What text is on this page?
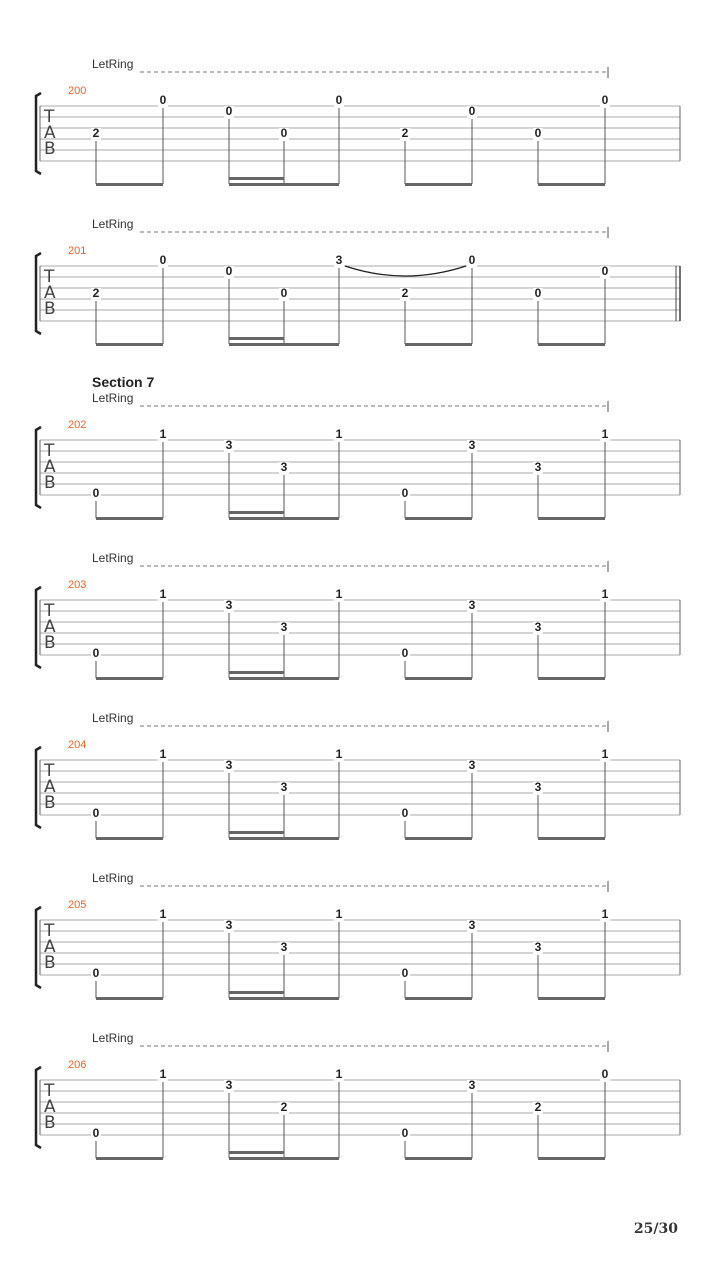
LetRing
200
T
A
B
2
0
0
0
0
2
0
0
0
LetRing
201
T
A
B
2
0
0
0
3
2
0
0
0
LetRing
202
T
A
B	0
1
3
3
1
0
3
3
1
LetRing
203
T
A
B	0
1
3
3
1
0
3
3
1
LetRing
204
T
A
B	0
1
3
3
1
0
3
3
1
LetRing
205
T
A
B	0
1
3
3
1
0
3
3
1
LetRing
206
T
A
B	0
1
3
2
1
0
3
2
0
Section 7
25/30
